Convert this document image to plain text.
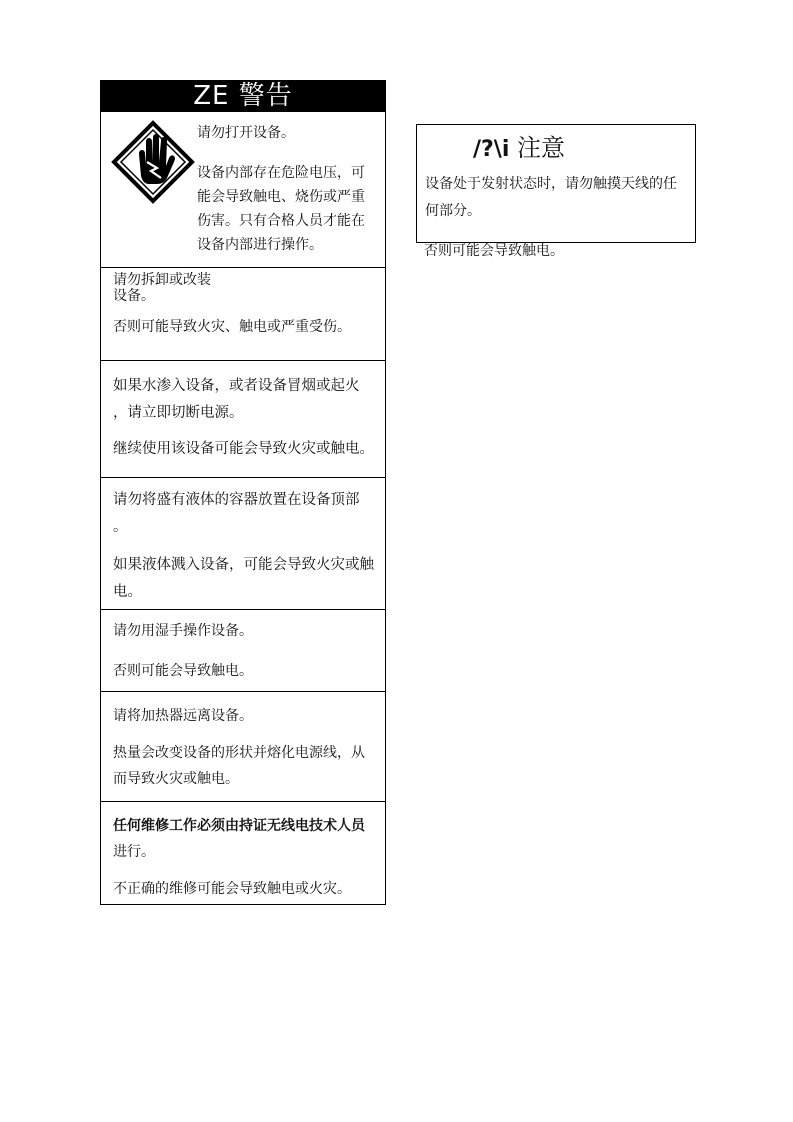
ZE 警告
请勿打开设备。
设备内部存在危险电压，可
能会导致触电、烧伤或严重
伤害。只有合格人员才能在
设备内部进行操作。

请勿拆卸或改装
设备。

否则可能导致火灾、触电或严重受伤。

如果水渗入设备，或者设备冒烟或起火
，请立即切断电源。

继续使用该设备可能会导致火灾或触电。

请勿将盛有液体的容器放置在设备顶部
。

如果液体溅入设备，可能会导致火灾或触
电。

请勿用湿手操作设备。

否则可能会导致触电。

请将加热器远离设备。

热量会改变设备的形状并熔化电源线，从
而导致火灾或触电。

任何维修工作必须由持证无线电技术人员
进行。

不正确的维修可能会导致触电或火灾。

/?\i 注意
设备处于发射状态时，请勿触摸天线的任
何部分。
否则可能会导致触电。
